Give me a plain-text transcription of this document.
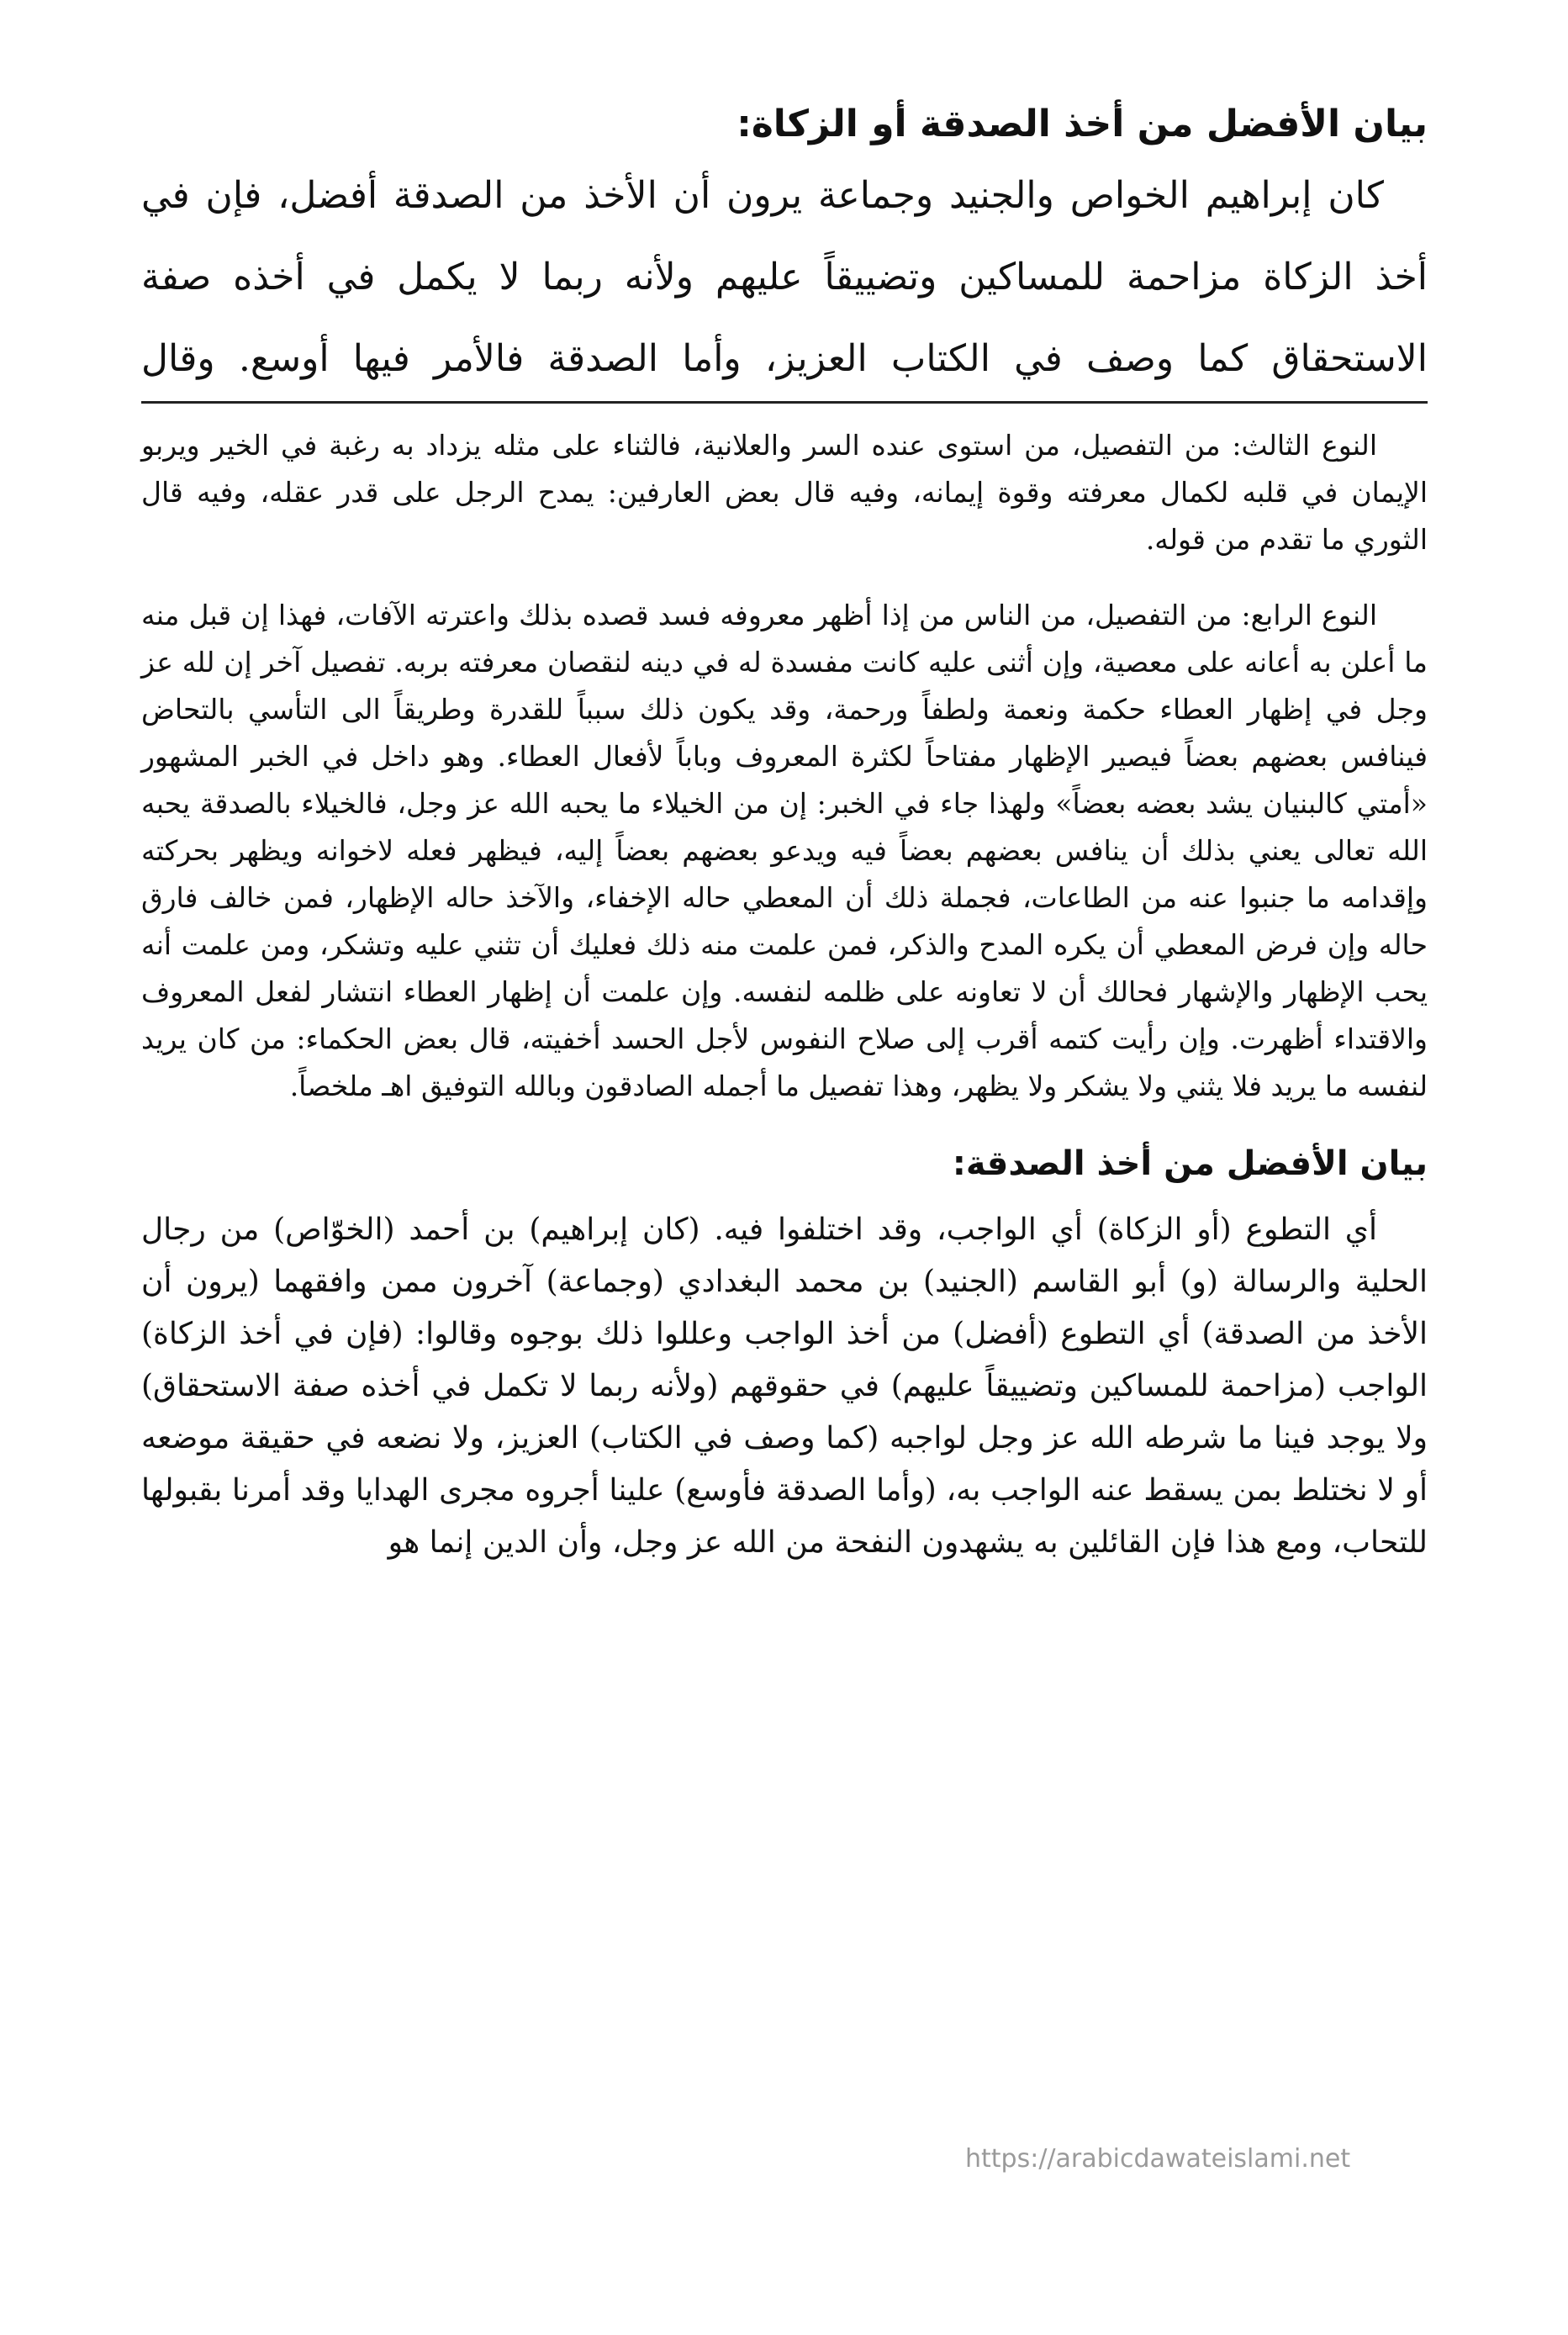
بيان الأفضل من أخذ الصدقة أو الزكاة:

كان إبراهيم الخواص والجنيد وجماعة يرون أن الأخذ من الصدقة أفضل، فإن في أخذ الزكاة مزاحمة للمساكين وتضييقاً عليهم ولأنه ربما لا يكمل في أخذه صفة الاستحقاق كما وصف في الكتاب العزيز، وأما الصدقة فالأمر فيها أوسع. وقال

النوع الثالث: من التفصيل، من استوى عنده السر والعلانية، فالثناء على مثله يزداد به رغبة في الخير ويربو الإيمان في قلبه لكمال معرفته وقوة إيمانه، وفيه قال بعض العارفين: يمدح الرجل على قدر عقله، وفيه قال الثوري ما تقدم من قوله.

النوع الرابع: من التفصيل، من الناس من إذا أظهر معروفه فسد قصده بذلك واعترته الآفات، فهذا إن قبل منه ما أعلن به أعانه على معصية، وإن أثنى عليه كانت مفسدة له في دينه لنقصان معرفته بربه. تفصيل آخر إن لله عز وجل في إظهار العطاء حكمة ونعمة ولطفاً ورحمة، وقد يكون ذلك سبباً للقدرة وطريقاً الى التأسي بالتحاض فينافس بعضهم بعضاً فيصير الإظهار مفتاحاً لكثرة المعروف وباباً لأفعال العطاء. وهو داخل في الخبر المشهور «أمتي كالبنيان يشد بعضه بعضاً» ولهذا جاء في الخبر: إن من الخيلاء ما يحبه الله عز وجل، فالخيلاء بالصدقة يحبه الله تعالى يعني بذلك أن ينافس بعضهم بعضاً فيه ويدعو بعضهم بعضاً إليه، فيظهر فعله لاخوانه ويظهر بحركته وإقدامه ما جنبوا عنه من الطاعات، فجملة ذلك أن المعطي حاله الإخفاء، والآخذ حاله الإظهار، فمن خالف فارق حاله وإن فرض المعطي أن يكره المدح والذكر، فمن علمت منه ذلك فعليك أن تثني عليه وتشكر، ومن علمت أنه يحب الإظهار والإشهار فحالك أن لا تعاونه على ظلمه لنفسه. وإن علمت أن إظهار العطاء انتشار لفعل المعروف والاقتداء أظهرت. وإن رأيت كتمه أقرب إلى صلاح النفوس لأجل الحسد أخفيته، قال بعض الحكماء: من كان يريد لنفسه ما يريد فلا يثني ولا يشكر ولا يظهر، وهذا تفصيل ما أجمله الصادقون وبالله التوفيق اهـ ملخصاً.

بيان الأفضل من أخذ الصدقة:

أي التطوع (أو الزكاة) أي الواجب، وقد اختلفوا فيه. (كان إبراهيم) بن أحمد (الخوّاص) من رجال الحلية والرسالة (و) أبو القاسم (الجنيد) بن محمد البغدادي (وجماعة) آخرون ممن وافقهما (يرون أن الأخذ من الصدقة) أي التطوع (أفضل) من أخذ الواجب وعللوا ذلك بوجوه وقالوا: (فإن في أخذ الزكاة) الواجب (مزاحمة للمساكين وتضييقاً عليهم) في حقوقهم (ولأنه ربما لا تكمل في أخذه صفة الاستحقاق) ولا يوجد فينا ما شرطه الله عز وجل لواجبه (كما وصف في الكتاب) العزيز، ولا نضعه في حقيقة موضعه أو لا نختلط بمن يسقط عنه الواجب به، (وأما الصدقة فأوسع) علينا أجروه مجرى الهدايا وقد أمرنا بقبولها للتحاب، ومع هذا فإن القائلين به يشهدون النفحة من الله عز وجل، وأن الدين إنما هو

https://arabicdawateislami.net
